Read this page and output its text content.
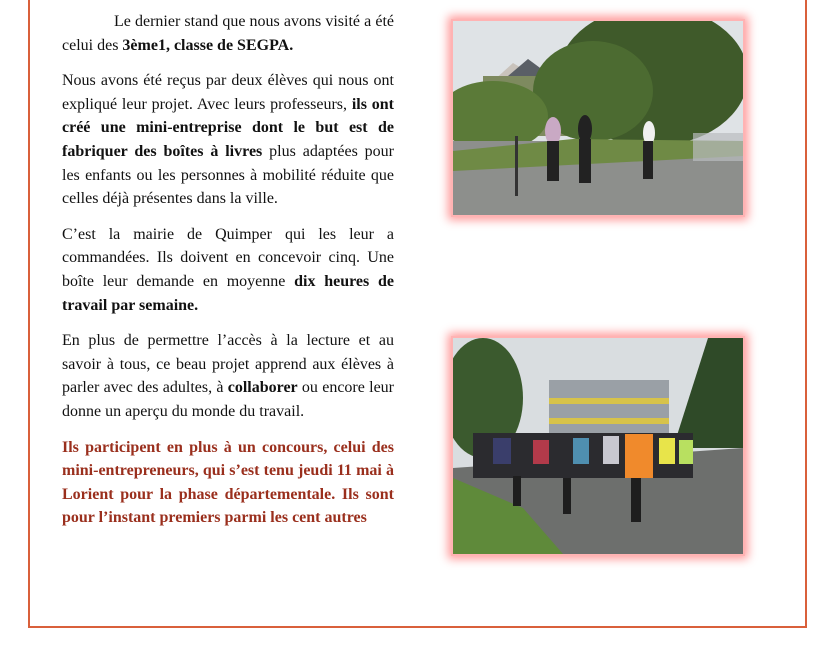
Le dernier stand que nous avons visité a été celui des 3ème1, classe de SEGPA.

Nous avons été reçus par deux élèves qui nous ont expliqué leur projet. Avec leurs professeurs, ils ont créé une mini-entreprise dont le but est de fabriquer des boîtes à livres plus adaptées pour les enfants ou les personnes à mobilité réduite que celles déjà présentes dans la ville.

C’est la mairie de Quimper qui les leur a commandées. Ils doivent en concevoir cinq. Une boîte leur demande en moyenne dix heures de travail par semaine.

En plus de permettre l’accès à la lecture et au savoir à tous, ce beau projet apprend aux élèves à parler avec des adultes, à collaborer ou encore leur donne un aperçu du monde du travail.

Ils participent en plus à un concours, celui des mini-entrepreneurs, qui s’est tenu jeudi 11 mai à Lorient pour la phase départementale. Ils sont pour l’instant premiers parmi les cent autres
